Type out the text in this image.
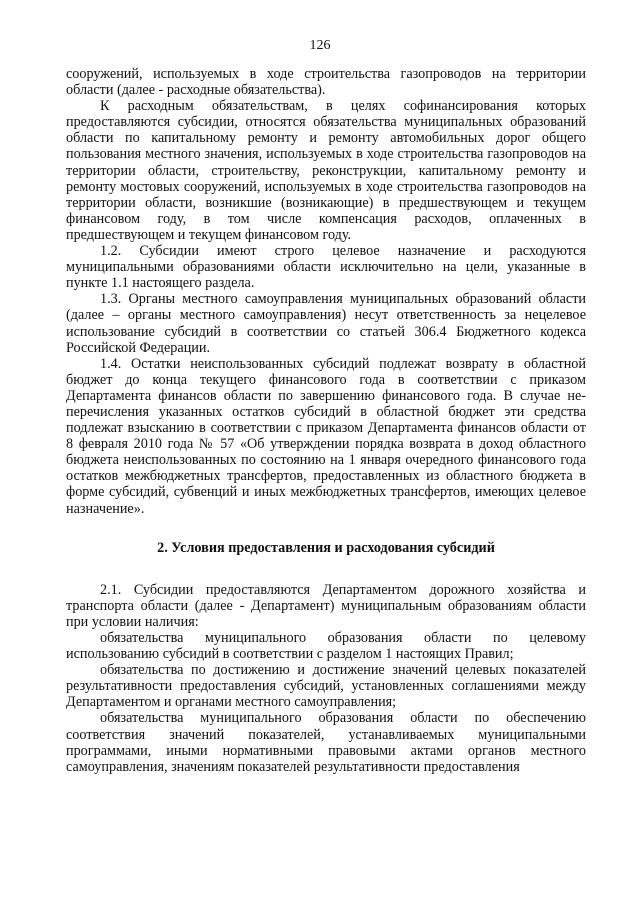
126

сооружений, используемых в ходе строительства газопроводов на территории области (далее - расходные обязательства).

К расходным обязательствам, в целях софинансирования которых предоставляются субсидии, относятся обязательства муниципальных образований области по капитальному ремонту и ремонту автомобильных дорог общего пользования местного значения, используемых в ходе строительства газопроводов на территории области, строительству, реконструкции, капитальному ремонту и ремонту мостовых сооружений, используемых в ходе строительства газопроводов на территории области, возникшие (возникающие) в предшествующем и текущем финансовом году, в том числе компенсация расходов, оплаченных в предшествующем и текущем финансовом году.

1.2. Субсидии имеют строго целевое назначение и расходуются муниципальными образованиями области исключительно на цели, указанные в пункте 1.1 настоящего раздела.

1.3. Органы местного самоуправления муниципальных образований области (далее – органы местного самоуправления) несут ответственность за нецелевое использование субсидий в соответствии со статьей 306.4 Бюджетного кодекса Российской Федерации.

1.4. Остатки неиспользованных субсидий подлежат возврату в областной бюджет до конца текущего финансового года в соответствии с приказом Департамента финансов области по завершению финансового года. В случае не- перечисления указанных остатков субсидий в областной бюджет эти средства подлежат взысканию в соответствии с приказом Департамента финансов области от 8 февраля 2010 года № 57 «Об утверждении порядка возврата в доход областного бюджета неиспользованных по состоянию на 1 января очередного финансового года остатков межбюджетных трансфертов, предоставленных из областного бюджета в форме субсидий, субвенций и иных межбюджетных трансфертов, имеющих целевое назначение».

2. Условия предоставления и расходования субсидий

2.1. Субсидии предоставляются Департаментом дорожного хозяйства и транспорта области (далее - Департамент) муниципальным образованиям области при условии наличия:

обязательства муниципального образования области по целевому использованию субсидий в соответствии с разделом 1 настоящих Правил;

обязательства по достижению и достижение значений целевых показателей результативности предоставления субсидий, установленных соглашениями между Департаментом и органами местного самоуправления;

обязательства муниципального образования области по обеспечению соответствия значений показателей, устанавливаемых муниципальными программами, иными нормативными правовыми актами органов местного самоуправления, значениям показателей результативности предоставления
